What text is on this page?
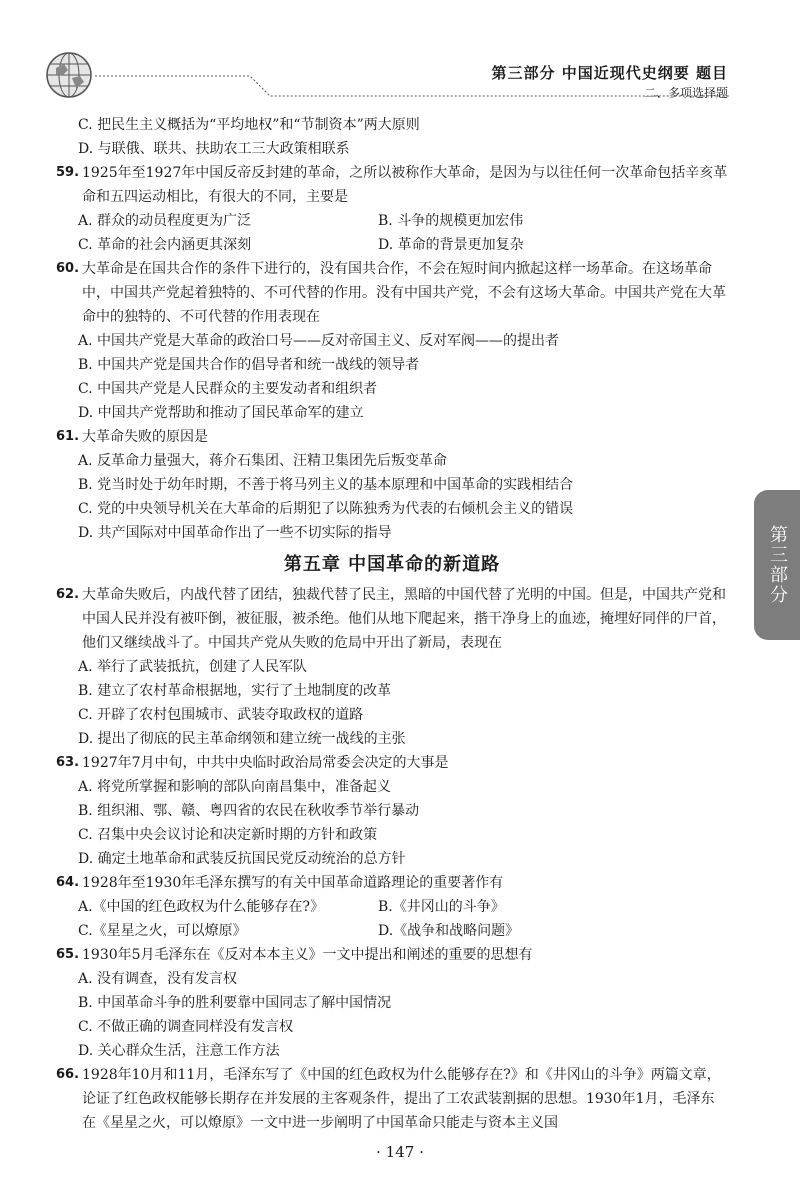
第三部分 中国近现代史纲要 题目
二、多项选择题
第三部分
C. 把民生主义概括为“平均地权”和“节制资本”两大原则
D. 与联俄、联共、扶助农工三大政策相联系
59. 1925年至1927年中国反帝反封建的革命，之所以被称作大革命，是因为与以往任何一次革命包括辛亥革命和五四运动相比，有很大的不同，主要是
A. 群众的动员程度更为广泛	B. 斗争的规模更加宏伟
C. 革命的社会内涵更其深刻	D. 革命的背景更加复杂
60. 大革命是在国共合作的条件下进行的，没有国共合作，不会在短时间内掀起这样一场革命。在这场革命中，中国共产党起着独特的、不可代替的作用。没有中国共产党，不会有这场大革命。中国共产党在大革命中的独特的、不可代替的作用表现在
A. 中国共产党是大革命的政治口号——反对帝国主义、反对军阀——的提出者
B. 中国共产党是国共合作的倡导者和统一战线的领导者
C. 中国共产党是人民群众的主要发动者和组织者
D. 中国共产党帮助和推动了国民革命军的建立
61. 大革命失败的原因是
A. 反革命力量强大，蒋介石集团、汪精卫集团先后叛变革命
B. 党当时处于幼年时期，不善于将马列主义的基本原理和中国革命的实践相结合
C. 党的中央领导机关在大革命的后期犯了以陈独秀为代表的右倾机会主义的错误
D. 共产国际对中国革命作出了一些不切实际的指导
第五章 中国革命的新道路
62. 大革命失败后，内战代替了团结，独裁代替了民主，黑暗的中国代替了光明的中国。但是，中国共产党和中国人民并没有被吓倒，被征服，被杀绝。他们从地下爬起来，揩干净身上的血迹，掩埋好同伴的尸首，他们又继续战斗了。中国共产党从失败的危局中开出了新局，表现在
A. 举行了武装抵抗，创建了人民军队
B. 建立了农村革命根据地，实行了土地制度的改革
C. 开辟了农村包围城市、武装夺取政权的道路
D. 提出了彻底的民主革命纲领和建立统一战线的主张
63. 1927年7月中旬，中共中央临时政治局常委会决定的大事是
A. 将党所掌握和影响的部队向南昌集中，准备起义
B. 组织湘、鄂、赣、粤四省的农民在秋收季节举行暴动
C. 召集中央会议讨论和决定新时期的方针和政策
D. 确定土地革命和武装反抗国民党反动统治的总方针
64. 1928年至1930年毛泽东撰写的有关中国革命道路理论的重要著作有
A.《中国的红色政权为什么能够存在?》	B.《井冈山的斗争》
C.《星星之火，可以燎原》	D.《战争和战略问题》
65. 1930年5月毛泽东在《反对本本主义》一文中提出和阐述的重要的思想有
A. 没有调查，没有发言权
B. 中国革命斗争的胜利要靠中国同志了解中国情况
C. 不做正确的调查同样没有发言权
D. 关心群众生活，注意工作方法
66. 1928年10月和11月，毛泽东写了《中国的红色政权为什么能够存在?》和《井冈山的斗争》两篇文章，论证了红色政权能够长期存在并发展的主客观条件，提出了工农武装割据的思想。1930年1月，毛泽东在《星星之火，可以燎原》一文中进一步阐明了中国革命只能走与资本主义国
· 147 ·
